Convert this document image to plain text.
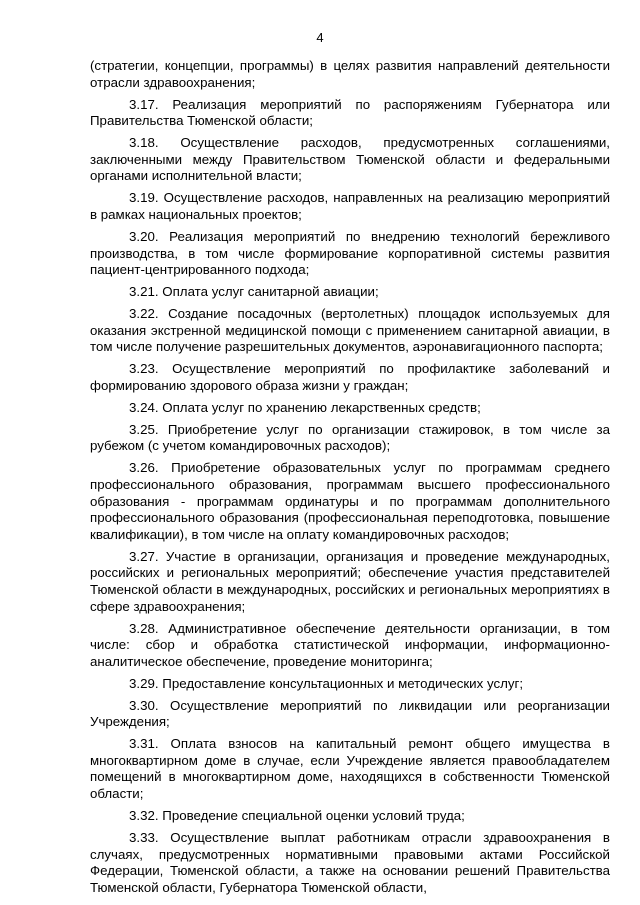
4

(стратегии, концепции, программы) в целях развития направлений деятельности отрасли здравоохранения;

3.17. Реализация мероприятий по распоряжениям Губернатора или Правительства Тюменской области;

3.18. Осуществление расходов, предусмотренных соглашениями, заключенными между Правительством Тюменской области и федеральными органами исполнительной власти;

3.19. Осуществление расходов, направленных на реализацию мероприятий в рамках национальных проектов;

3.20. Реализация мероприятий по внедрению технологий бережливого производства, в том числе формирование корпоративной системы развития пациент-центрированного подхода;

3.21. Оплата услуг санитарной авиации;

3.22. Создание посадочных (вертолетных) площадок используемых для оказания экстренной медицинской помощи с применением санитарной авиации, в том числе получение разрешительных документов, аэронавигационного паспорта;

3.23. Осуществление мероприятий по профилактике заболеваний и формированию здорового образа жизни у граждан;

3.24. Оплата услуг по хранению лекарственных средств;

3.25. Приобретение услуг по организации стажировок, в том числе за рубежом (с учетом командировочных расходов);

3.26. Приобретение образовательных услуг по программам среднего профессионального образования, программам высшего профессионального образования - программам ординатуры и по программам дополнительного профессионального образования (профессиональная переподготовка, повышение квалификации), в том числе на оплату командировочных расходов;

3.27. Участие в организации, организация и проведение международных, российских и региональных мероприятий; обеспечение участия представителей Тюменской области в международных, российских и региональных мероприятиях в сфере здравоохранения;

3.28. Административное обеспечение деятельности организации, в том числе: сбор и обработка статистической информации, информационно-аналитическое обеспечение, проведение мониторинга;

3.29. Предоставление консультационных и методических услуг;

3.30. Осуществление мероприятий по ликвидации или реорганизации Учреждения;

3.31. Оплата взносов на капитальный ремонт общего имущества в многоквартирном доме в случае, если Учреждение является правообладателем помещений в многоквартирном доме, находящихся в собственности Тюменской области;

3.32. Проведение специальной оценки условий труда;

3.33. Осуществление выплат работникам отрасли здравоохранения в случаях, предусмотренных нормативными правовыми актами Российской Федерации, Тюменской области, а также на основании решений Правительства Тюменской области, Губернатора Тюменской области,
